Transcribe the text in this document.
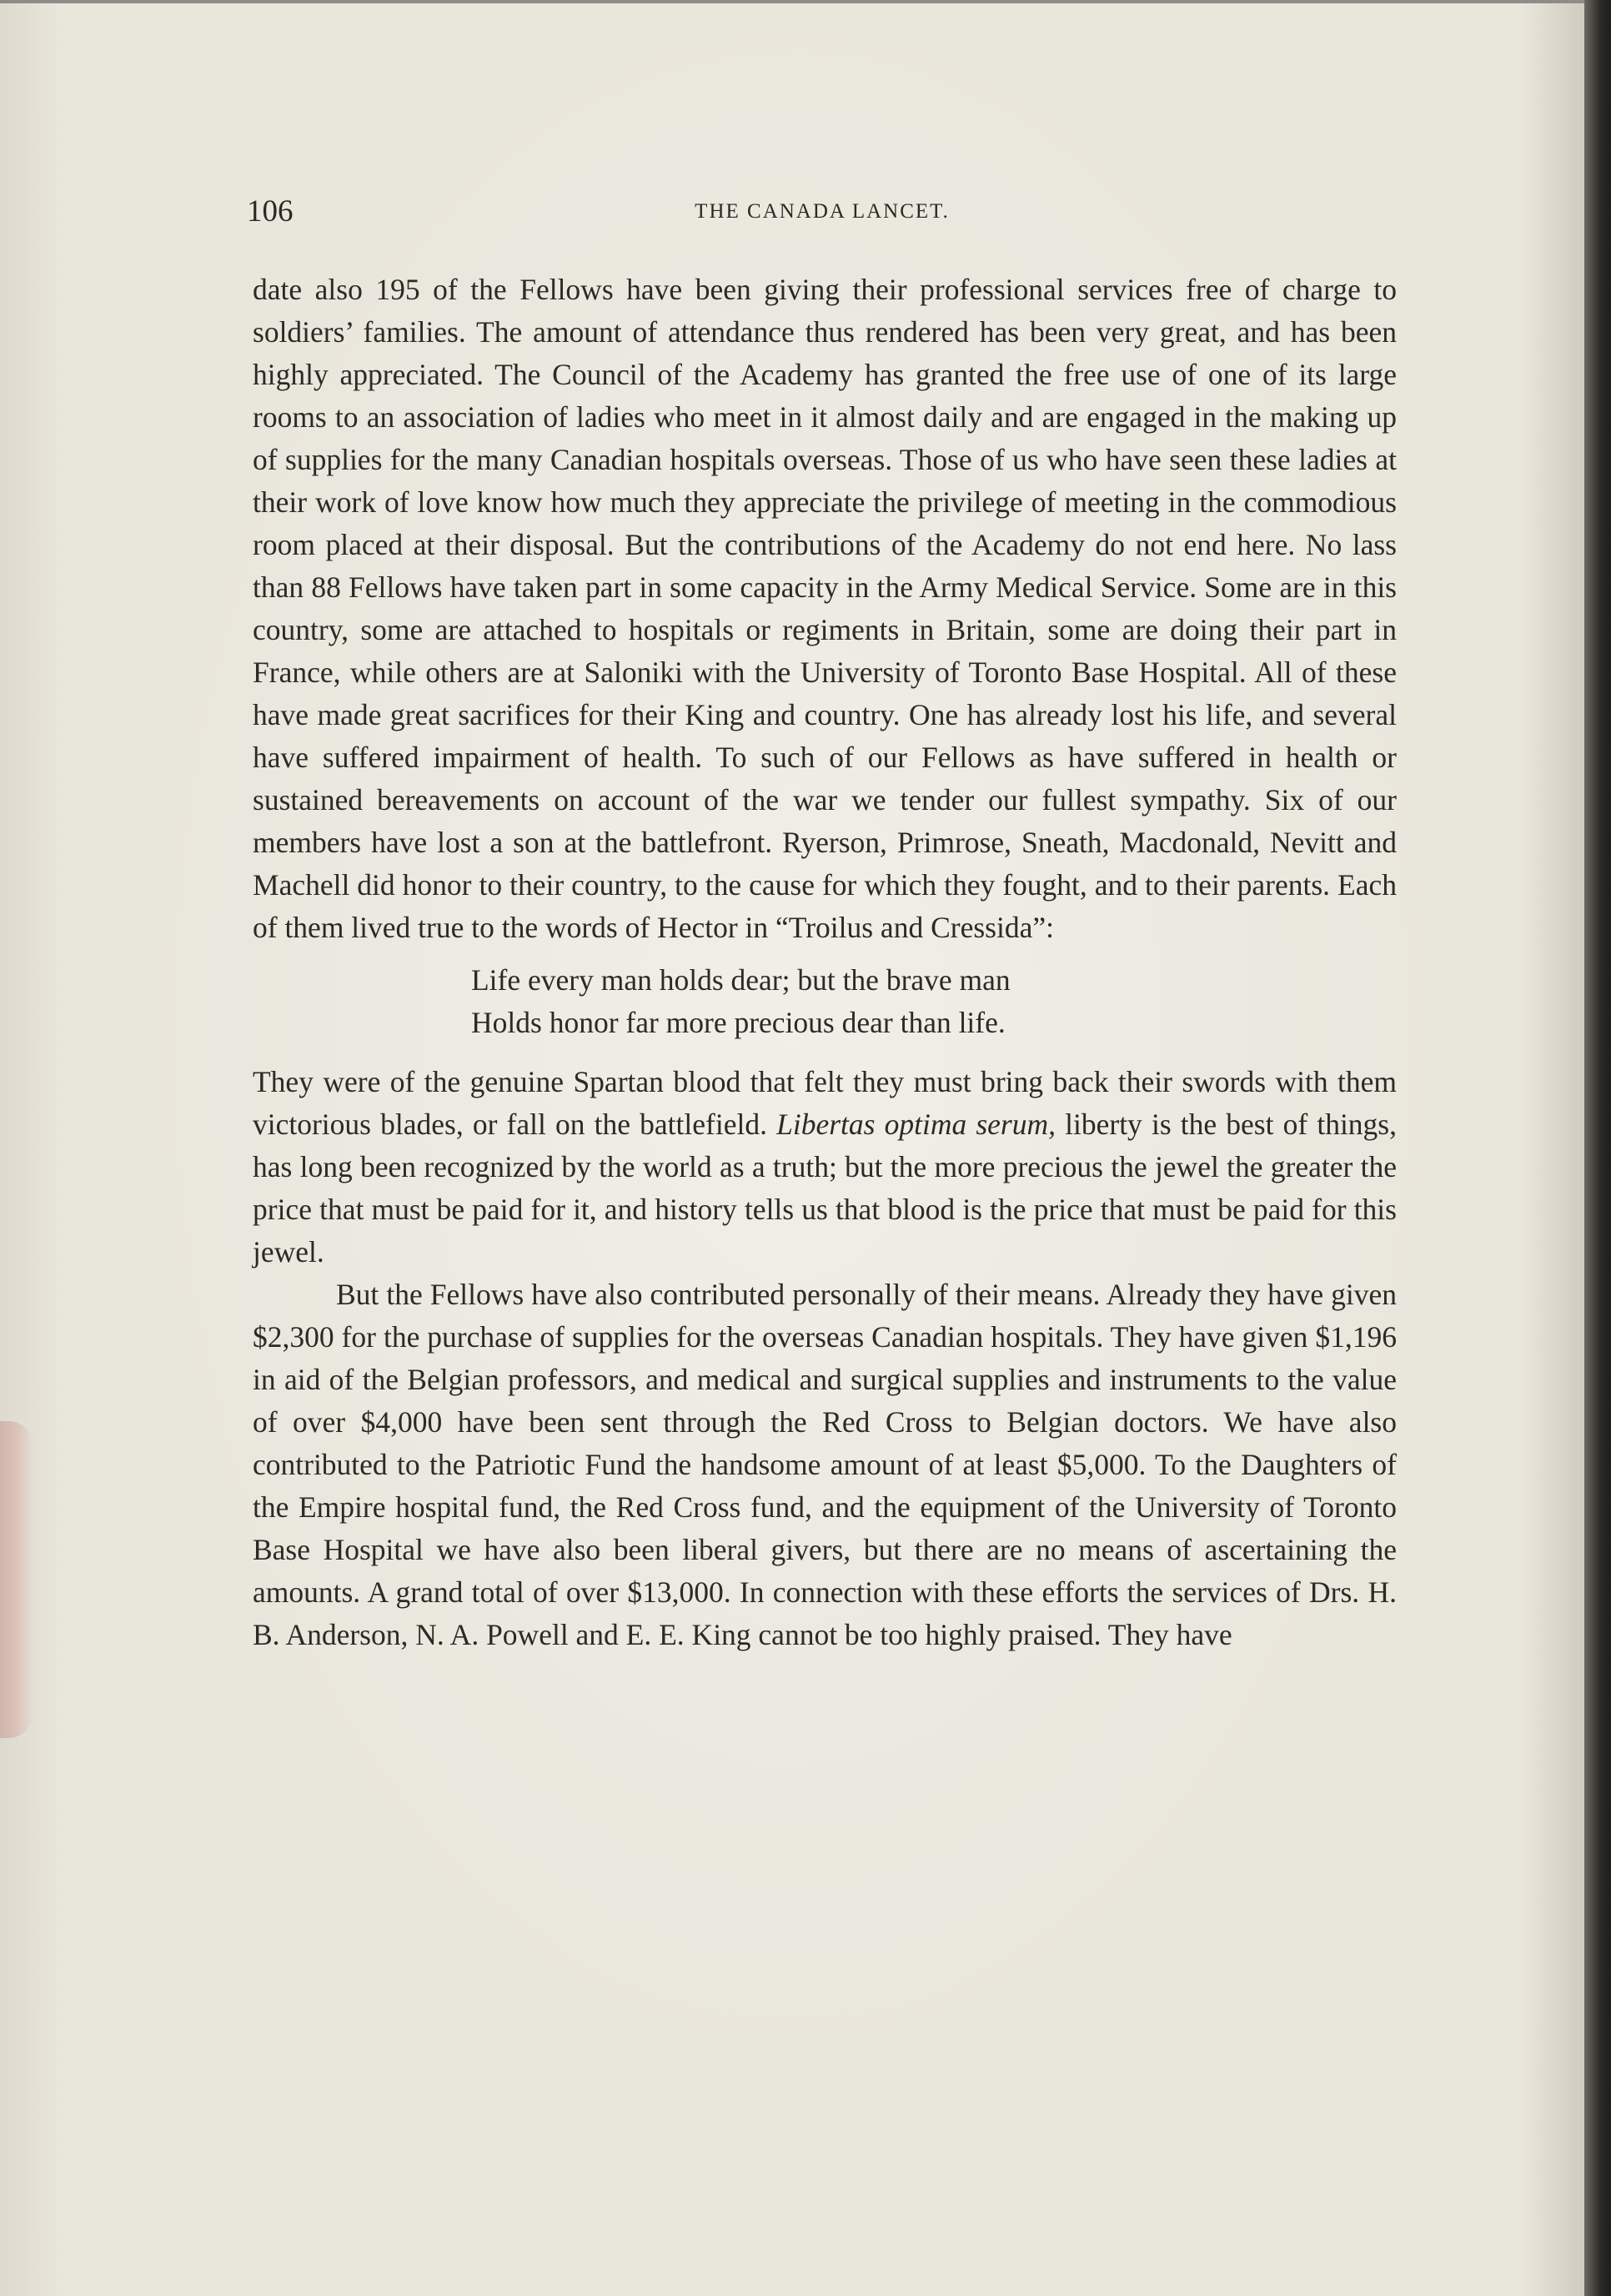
106	THE CANADA LANCET.

date also 195 of the Fellows have been giving their professional services free of charge to soldiers’ families. The amount of attendance thus rendered has been very great, and has been highly appreciated. The Council of the Academy has granted the free use of one of its large rooms to an association of ladies who meet in it almost daily and are engaged in the making up of supplies for the many Canadian hospitals overseas. Those of us who have seen these ladies at their work of love know how much they appreciate the privilege of meeting in the commodious room placed at their disposal. But the contributions of the Academy do not end here. No lass than 88 Fellows have taken part in some capacity in the Army Medical Service. Some are in this country, some are attached to hospitals or regiments in Britain, some are doing their part in France, while others are at Saloniki with the University of Toronto Base Hospital. All of these have made great sacrifices for their King and country. One has already lost his life, and several have suffered impairment of health. To such of our Fellows as have suffered in health or sustained bereavements on account of the war we tender our fullest sympathy. Six of our members have lost a son at the battlefront. Ryerson, Primrose, Sneath, Macdonald, Nevitt and Machell did honor to their country, to the cause for which they fought, and to their parents. Each of them lived true to the words of Hector in “Troilus and Cressida”:

Life every man holds dear; but the brave man
Holds honor far more precious dear than life.

They were of the genuine Spartan blood that felt they must bring back their swords with them victorious blades, or fall on the battlefield. Libertas optima serum, liberty is the best of things, has long been recognized by the world as a truth; but the more precious the jewel the greater the price that must be paid for it, and history tells us that blood is the price that must be paid for this jewel.

But the Fellows have also contributed personally of their means. Already they have given $2,300 for the purchase of supplies for the overseas Canadian hospitals. They have given $1,196 in aid of the Belgian professors, and medical and surgical supplies and instruments to the value of over $4,000 have been sent through the Red Cross to Belgian doctors. We have also contributed to the Patriotic Fund the handsome amount of at least $5,000. To the Daughters of the Empire hospital fund, the Red Cross fund, and the equipment of the University of Toronto Base Hospital we have also been liberal givers, but there are no means of ascertaining the amounts. A grand total of over $13,000. In connection with these efforts the services of Drs. H. B. Anderson, N. A. Powell and E. E. King cannot be too highly praised. They have
